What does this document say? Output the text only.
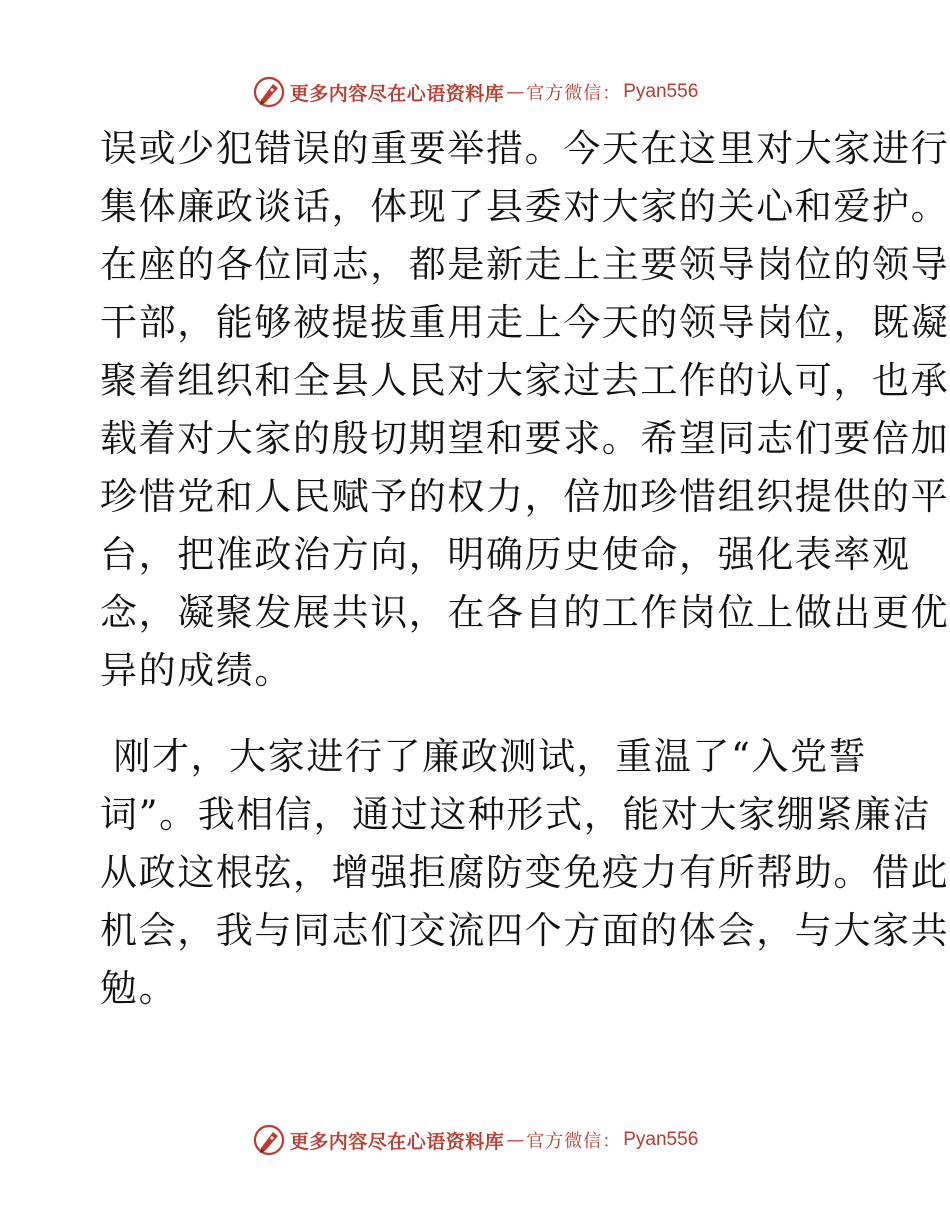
更多内容尽在心语资料库 — 官方微信： Pyan556
误或少犯错误的重要举措。今天在这里对大家进行
集体廉政谈话，体现了县委对大家的关心和爱护。
在座的各位同志，都是新走上主要领导岗位的领导
干部，能够被提拔重用走上今天的领导岗位，既凝
聚着组织和全县人民对大家过去工作的认可，也承
载着对大家的殷切期望和要求。希望同志们要倍加
珍惜党和人民赋予的权力，倍加珍惜组织提供的平
台，把准政治方向，明确历史使命，强化表率观
念，凝聚发展共识，在各自的工作岗位上做出更优
异的成绩。
刚才，大家进行了廉政测试，重温了“入党誓
词”。我相信，通过这种形式，能对大家绷紧廉洁
从政这根弦，增强拒腐防变免疫力有所帮助。借此
机会，我与同志们交流四个方面的体会，与大家共
勉。
更多内容尽在心语资料库 — 官方微信： Pyan556
